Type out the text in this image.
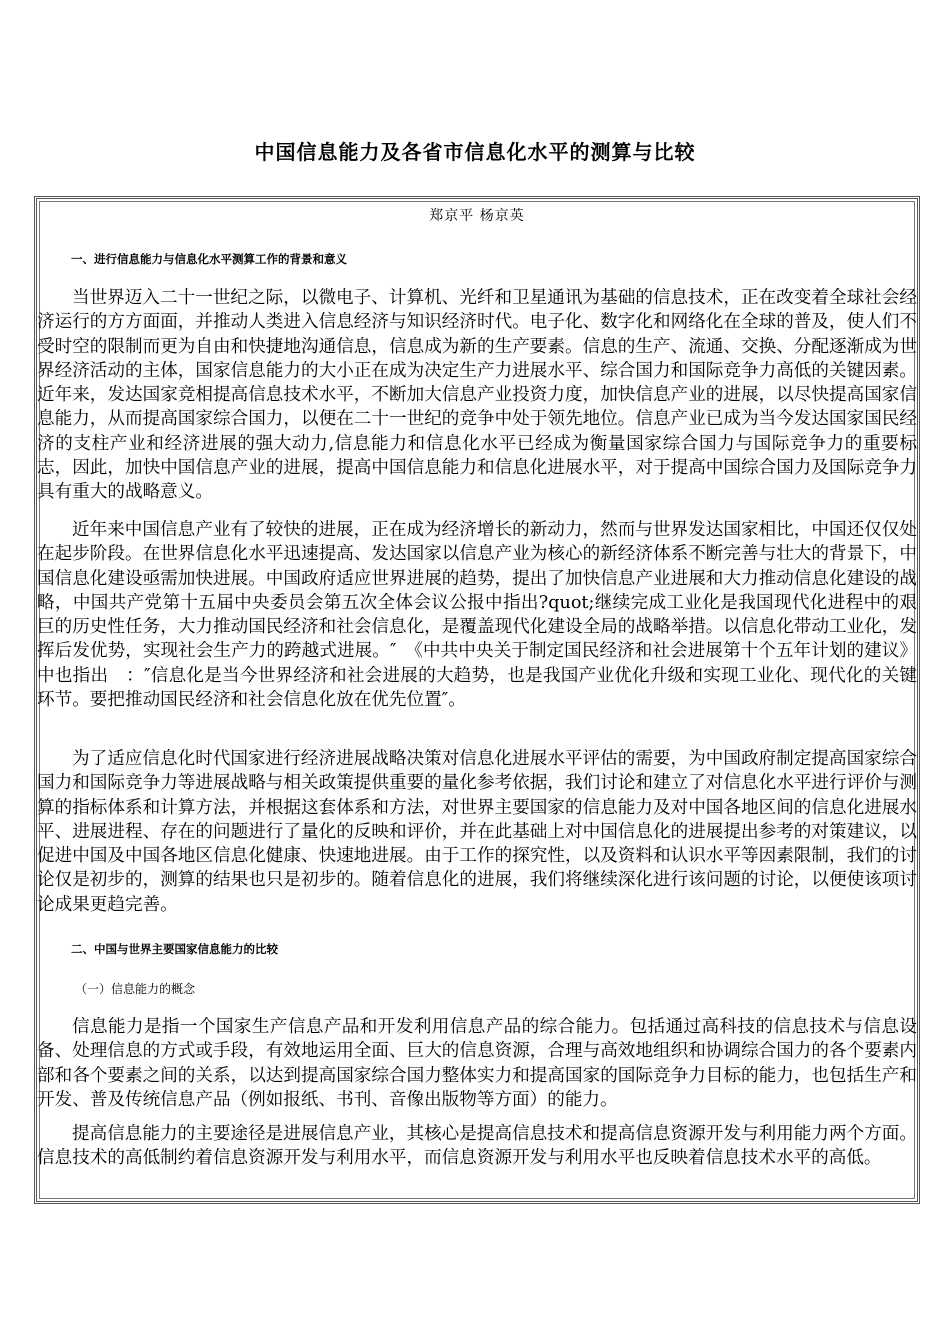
中国信息能力及各省市信息化水平的测算与比较
郑京平 杨京英
一、进行信息能力与信息化水平测算工作的背景和意义

当世界迈入二十一世纪之际，以微电子、计算机、光纤和卫星通讯为基础的信息技术，正在改变着全球社会经济运行的方方面面，并推动人类进入信息经济与知识经济时代。电子化、数字化和网络化在全球的普及，使人们不受时空的限制而更为自由和快捷地沟通信息，信息成为新的生产要素。信息的生产、流通、交换、分配逐渐成为世界经济活动的主体，国家信息能力的大小正在成为决定生产力进展水平、综合国力和国际竞争力高低的关键因素。近年来，发达国家竞相提高信息技术水平，不断加大信息产业投资力度，加快信息产业的进展，以尽快提高国家信息能力，从而提高国家综合国力，以便在二十一世纪的竞争中处于领先地位。信息产业已成为当今发达国家国民经济的支柱产业和经济进展的强大动力,信息能力和信息化水平已经成为衡量国家综合国力与国际竞争力的重要标志，因此，加快中国信息产业的进展，提高中国信息能力和信息化进展水平，对于提高中国综合国力及国际竞争力具有重大的战略意义。

近年来中国信息产业有了较快的进展，正在成为经济增长的新动力，然而与世界发达国家相比，中国还仅仅处在起步阶段。在世界信息化水平迅速提高、发达国家以信息产业为核心的新经济体系不断完善与壮大的背景下，中国信息化建设亟需加快进展。中国政府适应世界进展的趋势，提出了加快信息产业进展和大力推动信息化建设的战略，中国共产党第十五届中央委员会第五次全体会议公报中指出?quot;继续完成工业化是我国现代化进程中的艰巨的历史性任务，大力推动国民经济和社会信息化，是覆盖现代化建设全局的战略举措。以信息化带动工业化，发挥后发优势，实现社会生产力的跨越式进展。″　《中共中央关于制定国民经济和社会进展第十个五年计划的建议》中也指出　：″信息化是当今世界经济和社会进展的大趋势，也是我国产业优化升级和实现工业化、现代化的关键环节。要把推动国民经济和社会信息化放在优先位置″。

为了适应信息化时代国家进行经济进展战略决策对信息化进展水平评估的需要，为中国政府制定提高国家综合国力和国际竞争力等进展战略与相关政策提供重要的量化参考依据，我们讨论和建立了对信息化水平进行评价与测算的指标体系和计算方法，并根据这套体系和方法，对世界主要国家的信息能力及对中国各地区间的信息化进展水平、进展进程、存在的问题进行了量化的反映和评价，并在此基础上对中国信息化的进展提出参考的对策建议，以促进中国及中国各地区信息化健康、快速地进展。由于工作的探究性，以及资料和认识水平等因素限制，我们的讨论仅是初步的，测算的结果也只是初步的。随着信息化的进展，我们将继续深化进行该问题的讨论，以便使该项讨论成果更趋完善。

二、中国与世界主要国家信息能力的比较
（一）信息能力的概念

信息能力是指一个国家生产信息产品和开发利用信息产品的综合能力。包括通过高科技的信息技术与信息设备、处理信息的方式或手段，有效地运用全面、巨大的信息资源，合理与高效地组织和协调综合国力的各个要素内部和各个要素之间的关系，以达到提高国家综合国力整体实力和提高国家的国际竞争力目标的能力，也包括生产和开发、普及传统信息产品（例如报纸、书刊、音像出版物等方面）的能力。

提高信息能力的主要途径是进展信息产业，其核心是提高信息技术和提高信息资源开发与利用能力两个方面。信息技术的高低制约着信息资源开发与利用水平，而信息资源开发与利用水平也反映着信息技术水平的高低。
